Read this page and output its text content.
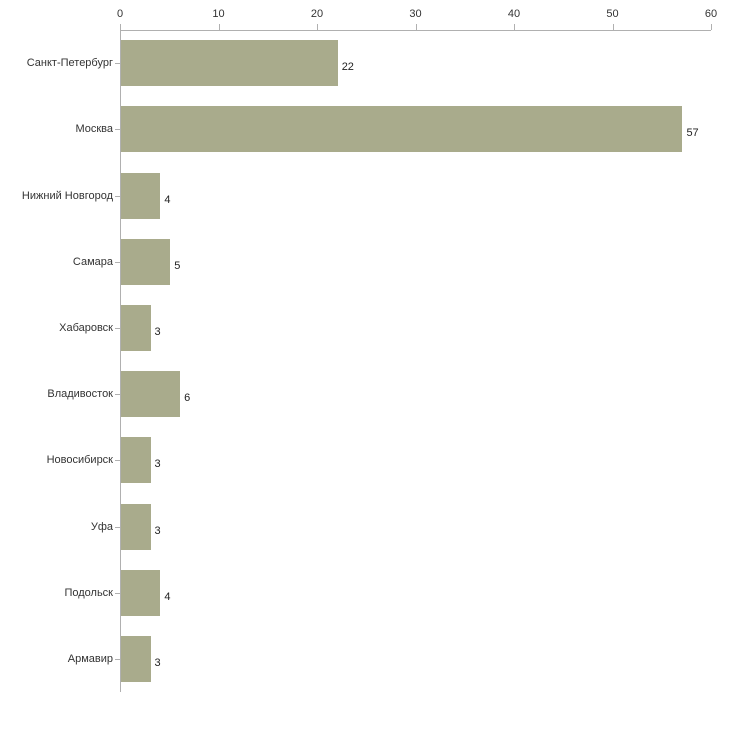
0	10	20	30	40	50	60
Санкт-Петербург	22
Москва	57
Нижний Новгород	4
Самара	5
Хабаровск	3
Владивосток	6
Новосибирск	3
Уфа	3
Подольск	4
Армавир	3
